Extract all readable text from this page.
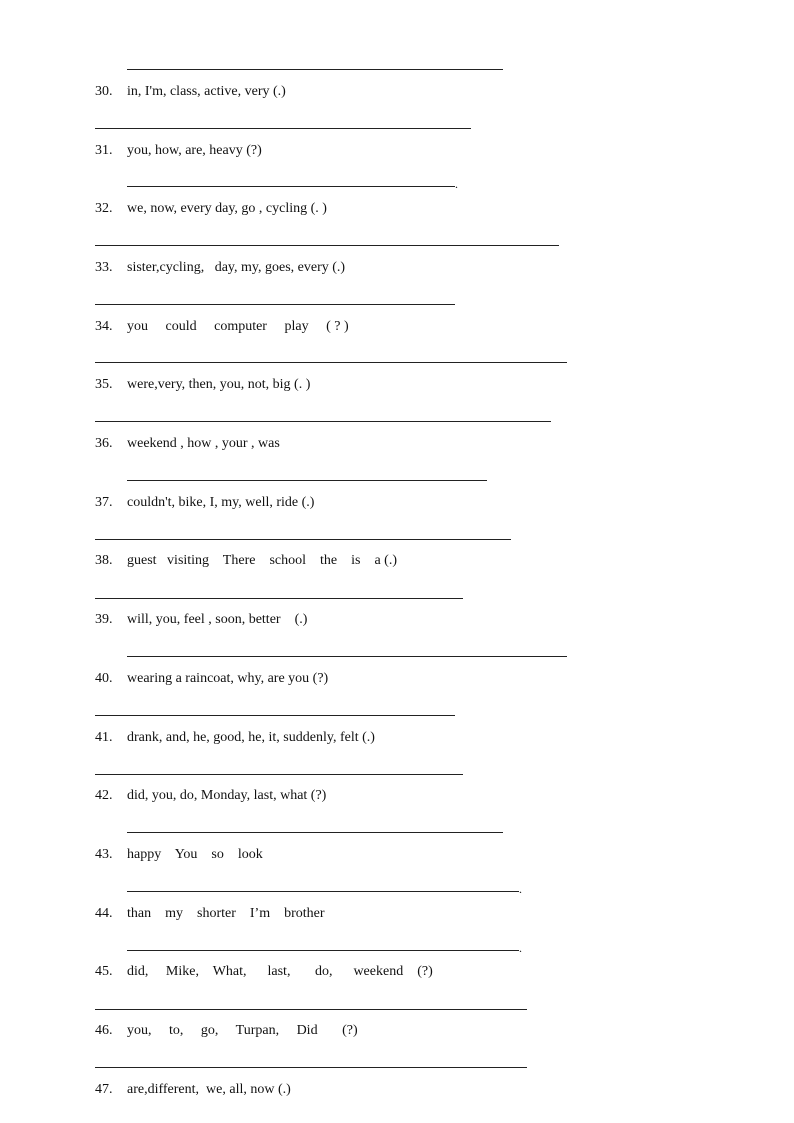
.
.
.
30. in, I'm, class, active, very (.)
31. you, how, are, heavy (?)
32. we, now, every day, go , cycling (. )
33. sister,cycling,   day, my, goes, every (.)
34. you     could     computer     play     ( ? )
35. were,very, then, you, not, big (. )
36. weekend , how , your , was
37. couldn't, bike, I, my, well, ride (.)
38. guest   visiting    There    school    the    is    a (.)
39. will, you, feel , soon, better    (.)
40. wearing a raincoat, why, are you (?)
41. drank, and, he, good, he, it, suddenly, felt (.)
42. did, you, do, Monday, last, what (?)
43. happy    You    so    look
44. than    my    shorter    I’m    brother
45. did,     Mike,    What,      last,       do,      weekend    (?)
46. you,     to,     go,     Turpan,     Did       (?)
47. are,different,  we, all, now (.)
